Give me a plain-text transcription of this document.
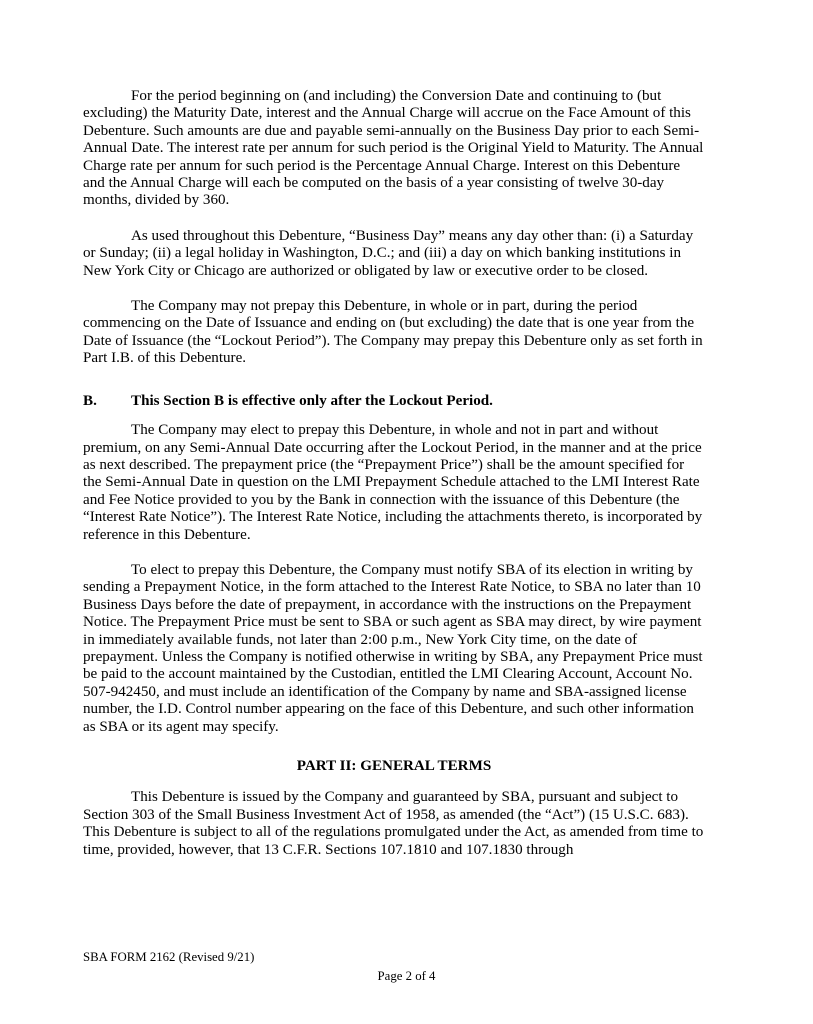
For the period beginning on (and including) the Conversion Date and continuing to (but excluding) the Maturity Date, interest and the Annual Charge will accrue on the Face Amount of this Debenture. Such amounts are due and payable semi-annually on the Business Day prior to each Semi-Annual Date. The interest rate per annum for such period is the Original Yield to Maturity. The Annual Charge rate per annum for such period is the Percentage Annual Charge. Interest on this Debenture and the Annual Charge will each be computed on the basis of a year consisting of twelve 30-day months, divided by 360.

As used throughout this Debenture, “Business Day” means any day other than: (i) a Saturday or Sunday; (ii) a legal holiday in Washington, D.C.; and (iii) a day on which banking institutions in New York City or Chicago are authorized or obligated by law or executive order to be closed.

The Company may not prepay this Debenture, in whole or in part, during the period commencing on the Date of Issuance and ending on (but excluding) the date that is one year from the Date of Issuance (the “Lockout Period”). The Company may prepay this Debenture only as set forth in Part I.B. of this Debenture.

B. This Section B is effective only after the Lockout Period.

The Company may elect to prepay this Debenture, in whole and not in part and without premium, on any Semi-Annual Date occurring after the Lockout Period, in the manner and at the price as next described. The prepayment price (the “Prepayment Price”) shall be the amount specified for the Semi-Annual Date in question on the LMI Prepayment Schedule attached to the LMI Interest Rate and Fee Notice provided to you by the Bank in connection with the issuance of this Debenture (the “Interest Rate Notice”). The Interest Rate Notice, including the attachments thereto, is incorporated by reference in this Debenture.

To elect to prepay this Debenture, the Company must notify SBA of its election in writing by sending a Prepayment Notice, in the form attached to the Interest Rate Notice, to SBA no later than 10 Business Days before the date of prepayment, in accordance with the instructions on the Prepayment Notice. The Prepayment Price must be sent to SBA or such agent as SBA may direct, by wire payment in immediately available funds, not later than 2:00 p.m., New York City time, on the date of prepayment. Unless the Company is notified otherwise in writing by SBA, any Prepayment Price must be paid to the account maintained by the Custodian, entitled the LMI Clearing Account, Account No. 507-942450, and must include an identification of the Company by name and SBA-assigned license number, the I.D. Control number appearing on the face of this Debenture, and such other information as SBA or its agent may specify.

PART II: GENERAL TERMS

This Debenture is issued by the Company and guaranteed by SBA, pursuant and subject to Section 303 of the Small Business Investment Act of 1958, as amended (the “Act”) (15 U.S.C. 683). This Debenture is subject to all of the regulations promulgated under the Act, as amended from time to time, provided, however, that 13 C.F.R. Sections 107.1810 and 107.1830 through

SBA FORM 2162 (Revised 9/21)
Page 2 of 4
